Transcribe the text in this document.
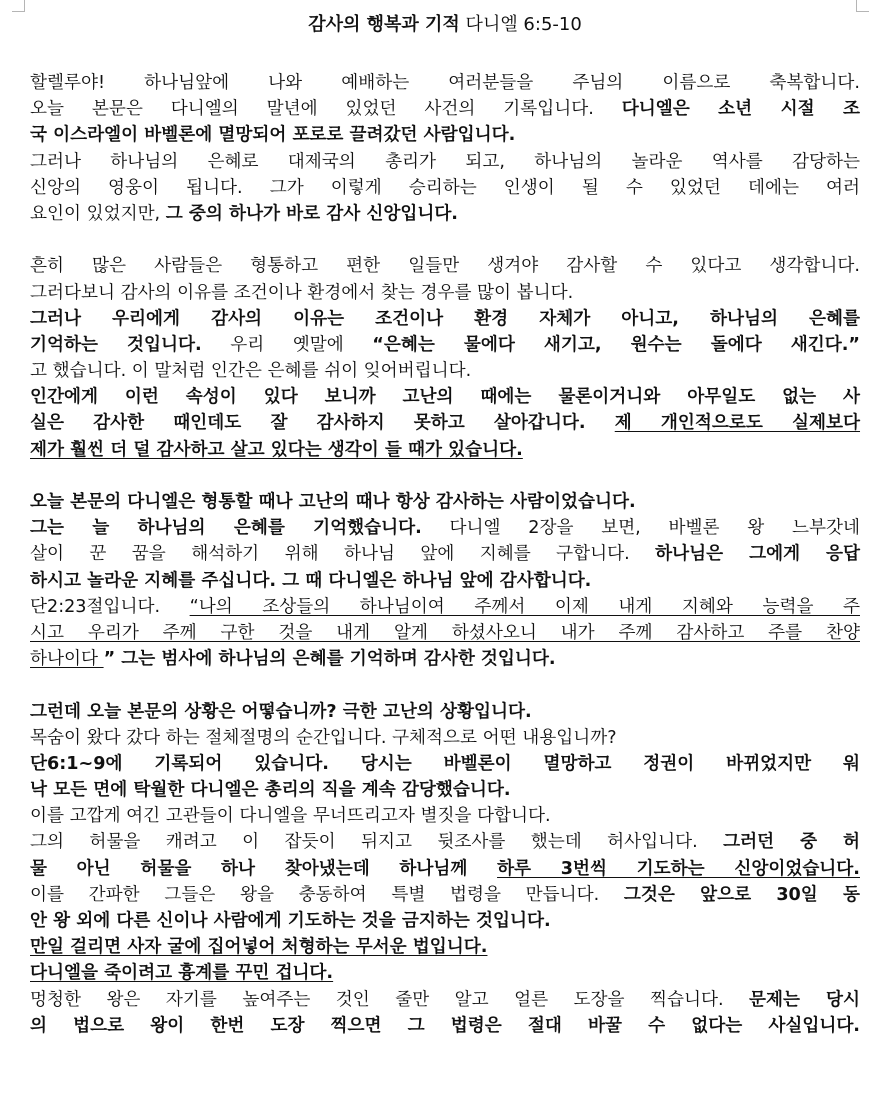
감사의 행복과 기적 다니엘 6:5-10
할렐루야! 하나님앞에 나와 예배하는 여러분들을 주님의 이름으로 축복합니다.
오늘 본문은 다니엘의 말년에 있었던 사건의 기록입니다. 다니엘은 소년 시절 조
국 이스라엘이 바벨론에 멸망되어 포로로 끌려갔던 사람입니다.
그러나 하나님의 은혜로 대제국의 총리가 되고, 하나님의 놀라운 역사를 감당하는
신앙의 영웅이 됩니다. 그가 이렇게 승리하는 인생이 될 수 있었던 데에는 여러
요인이 있었지만, 그 중의 하나가 바로 감사 신앙입니다.
흔히 많은 사람들은 형통하고 편한 일들만 생겨야 감사할 수 있다고 생각합니다.
그러다보니 감사의 이유를 조건이나 환경에서 찾는 경우를 많이 봅니다.
그러나 우리에게 감사의 이유는 조건이나 환경 자체가 아니고, 하나님의 은혜를
기억하는 것입니다. 우리 옛말에 “은혜는 물에다 새기고, 원수는 돌에다 새긴다.”
고 했습니다. 이 말처럼 인간은 은혜를 쉬이 잊어버립니다.
인간에게 이런 속성이 있다 보니까 고난의 때에는 물론이거니와 아무일도 없는 사
실은 감사한 때인데도 잘 감사하지 못하고 살아갑니다. 제 개인적으로도 실제보다
제가 훨씬 더 덜 감사하고 살고 있다는 생각이 들 때가 있습니다.
오늘 본문의 다니엘은 형통할 때나 고난의 때나 항상 감사하는 사람이었습니다.
그는 늘 하나님의 은혜를 기억했습니다. 다니엘 2장을 보면, 바벨론 왕 느부갓네
살이 꾼 꿈을 해석하기 위해 하나님 앞에 지혜를 구합니다. 하나님은 그에게 응답
하시고 놀라운 지혜를 주십니다. 그 때 다니엘은 하나님 앞에 감사합니다.
단2:23절입니다. “나의 조상들의 하나님이여 주께서 이제 내게 지혜와 능력을 주
시고 우리가 주께 구한 것을 내게 알게 하셨사오니 내가 주께 감사하고 주를 찬양
하나이다 ” 그는 범사에 하나님의 은혜를 기억하며 감사한 것입니다.
그런데 오늘 본문의 상황은 어떻습니까? 극한 고난의 상황입니다.
목숨이 왔다 갔다 하는 절체절명의 순간입니다. 구체적으로 어떤 내용입니까?
단6:1~9에 기록되어 있습니다. 당시는 바벨론이 멸망하고 정권이 바뀌었지만 워
낙 모든 면에 탁월한 다니엘은 총리의 직을 계속 감당했습니다.
이를 고깝게 여긴 고관들이 다니엘을 무너뜨리고자 별짓을 다합니다.
그의 허물을 캐려고 이 잡듯이 뒤지고 뒷조사를 했는데 허사입니다. 그러던 중 허
물 아닌 허물을 하나 찾아냈는데 하나님께 하루 3번씩 기도하는 신앙이었습니다.
이를 간파한 그들은 왕을 충동하여 특별 법령을 만듭니다. 그것은 앞으로 30일 동
안 왕 외에 다른 신이나 사람에게 기도하는 것을 금지하는 것입니다.
만일 걸리면 사자 굴에 집어넣어 처형하는 무서운 법입니다.
다니엘을 죽이려고 흉계를 꾸민 겁니다.
멍청한 왕은 자기를 높여주는 것인 줄만 알고 얼른 도장을 찍습니다. 문제는 당시
의 법으로 왕이 한번 도장 찍으면 그 법령은 절대 바꿀 수 없다는 사실입니다.
